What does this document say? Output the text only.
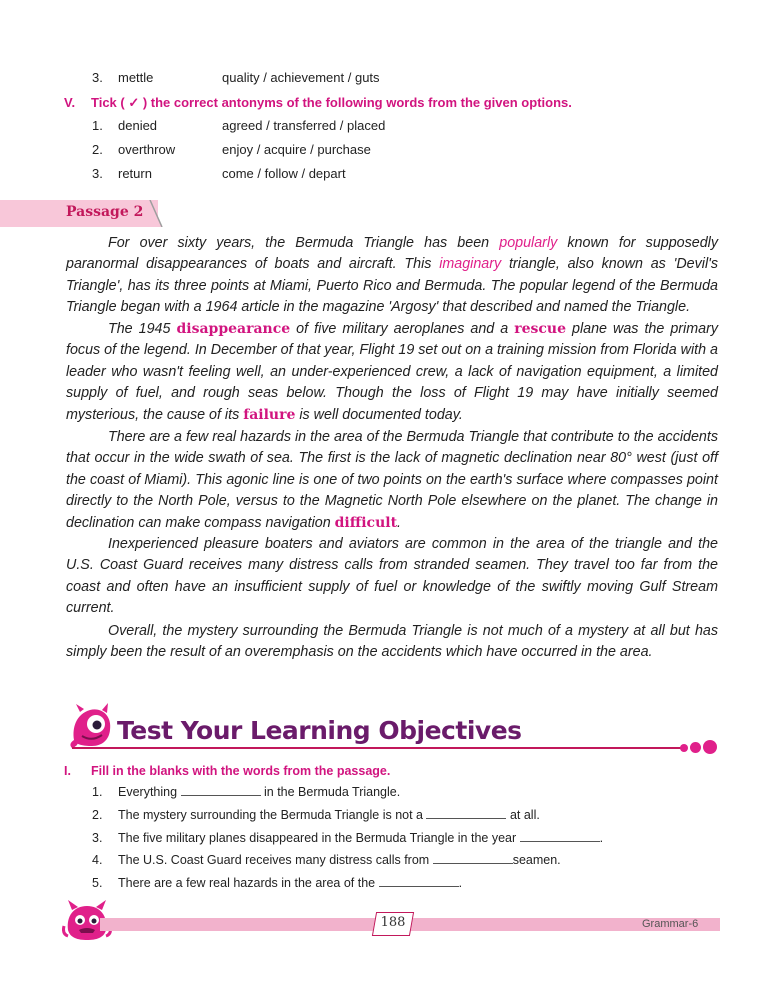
3. mettle	quality / achievement / guts
V. Tick ( ✓ ) the correct antonyms of the following words from the given options.
1. denied	agreed / transferred / placed
2. overthrow	enjoy / acquire / purchase
3. return	come / follow / depart
Passage 2

For over sixty years, the Bermuda Triangle has been popularly known for supposedly paranormal disappearances of boats and aircraft. This imaginary triangle, also known as 'Devil's Triangle', has its three points at Miami, Puerto Rico and Bermuda. The popular legend of the Bermuda Triangle began with a 1964 article in the magazine 'Argosy' that described and named the Triangle.

The 1945 disappearance of five military aeroplanes and a rescue plane was the primary focus of the legend. In December of that year, Flight 19 set out on a training mission from Florida with a leader who wasn't feeling well, an under-experienced crew, a lack of navigation equipment, a limited supply of fuel, and rough seas below. Though the loss of Flight 19 may have initially seemed mysterious, the cause of its failure is well documented today.

There are a few real hazards in the area of the Bermuda Triangle that contribute to the accidents that occur in the wide swath of sea. The first is the lack of magnetic declination near 80° west (just off the coast of Miami). This agonic line is one of two points on the earth's surface where compasses point directly to the North Pole, versus to the Magnetic North Pole elsewhere on the planet. The change in declination can make compass navigation difficult.

Inexperienced pleasure boaters and aviators are common in the area of the triangle and the U.S. Coast Guard receives many distress calls from stranded seamen. They travel too far from the coast and often have an insufficient supply of fuel or knowledge of the swiftly moving Gulf Stream current.

Overall, the mystery surrounding the Bermuda Triangle is not much of a mystery at all but has simply been the result of an overemphasis on the accidents which have occurred in the area.

Test Your Learning Objectives
I. Fill in the blanks with the words from the passage.
1. Everything	in the Bermuda Triangle.
2. The mystery surrounding the Bermuda Triangle is not a	at all.
3. The five military planes disappeared in the Bermuda Triangle in the year	.
4. The U.S. Coast Guard receives many distress calls from	seamen.
5. There are a few real hazards in the area of the	.
188	Grammar-6
